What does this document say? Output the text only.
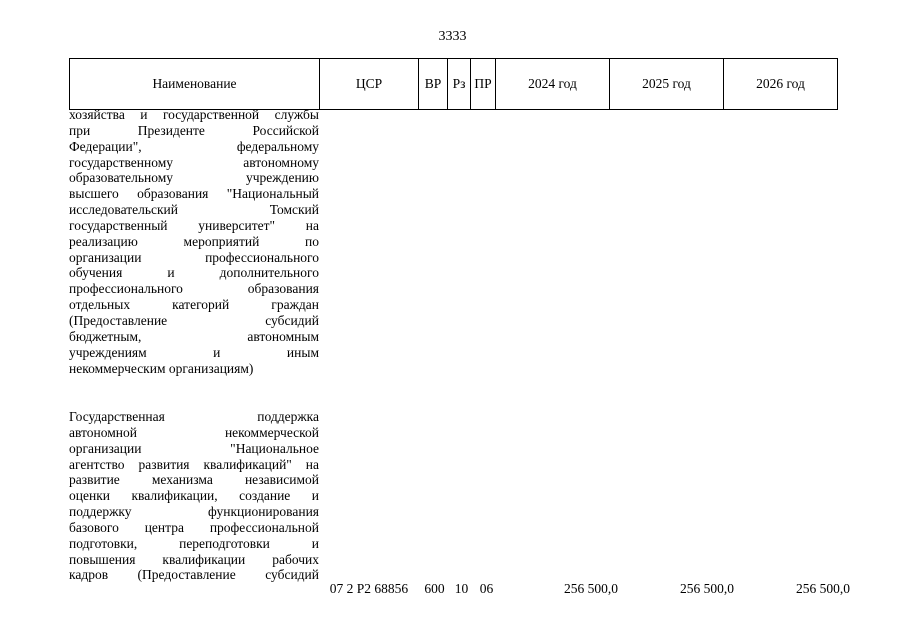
3333
Наименование	ЦСР	ВР	Рз	ПР	2024 год	2025 год	2026 год
хозяйства и государственной службы
при Президенте Российской
Федерации", федеральному
государственному автономному
образовательному учреждению
высшего образования "Национальный
исследовательский Томский
государственный университет" на
реализацию мероприятий по
организации профессионального
обучения и дополнительного
профессионального образования
отдельных категорий граждан
(Предоставление субсидий
бюджетным, автономным
учреждениям и иным
некоммерческим организациям)
Государственная поддержка
автономной некоммерческой
организации "Национальное
агентство развития квалификаций" на
развитие механизма независимой
оценки квалификации, создание и
поддержку функционирования
базового центра профессиональной
подготовки, переподготовки и
повышения квалификации рабочих
кадров (Предоставление субсидий
07 2 Р2 68856	600 10 06	256 500,0	256 500,0	256 500,0
